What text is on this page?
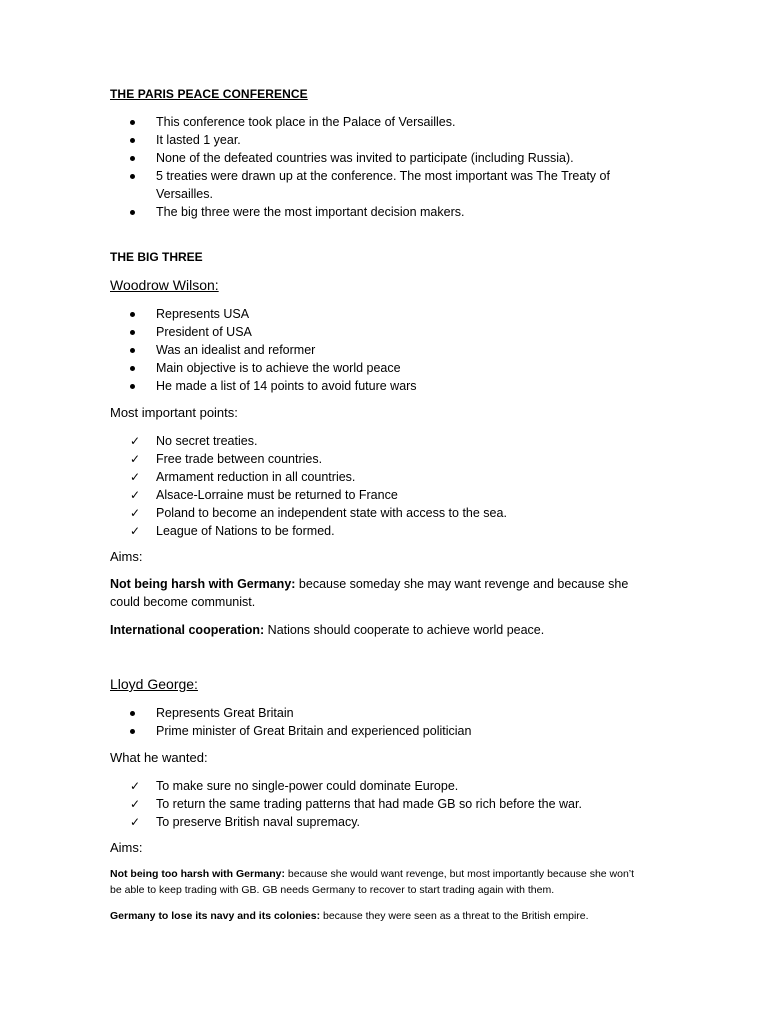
THE PARIS PEACE CONFERENCE
This conference took place in the Palace of Versailles.
It lasted 1 year.
None of the defeated countries was invited to participate (including Russia).
5 treaties were drawn up at the conference. The most important was The Treaty of Versailles.
The big three were the most important decision makers.
THE BIG THREE
Woodrow Wilson:
Represents USA
President of USA
Was an idealist and reformer
Main objective is to achieve the world peace
He made a list of 14 points to avoid future wars
Most important points:
✓ No secret treaties.
✓ Free trade between countries.
✓ Armament reduction in all countries.
✓ Alsace-Lorraine must be returned to France
✓ Poland to become an independent state with access to the sea.
✓ League of Nations to be formed.
Aims:
Not being harsh with Germany: because someday she may want revenge and because she could become communist.
International cooperation: Nations should cooperate to achieve world peace.
Lloyd George:
Represents Great Britain
Prime minister of Great Britain and experienced politician
What he wanted:
✓ To make sure no single-power could dominate Europe.
✓ To return the same trading patterns that had made GB so rich before the war.
✓ To preserve British naval supremacy.
Aims:
Not being too harsh with Germany: because she would want revenge, but most importantly because she won’t be able to keep trading with GB. GB needs Germany to recover to start trading again with them.
Germany to lose its navy and its colonies: because they were seen as a threat to the British empire.
